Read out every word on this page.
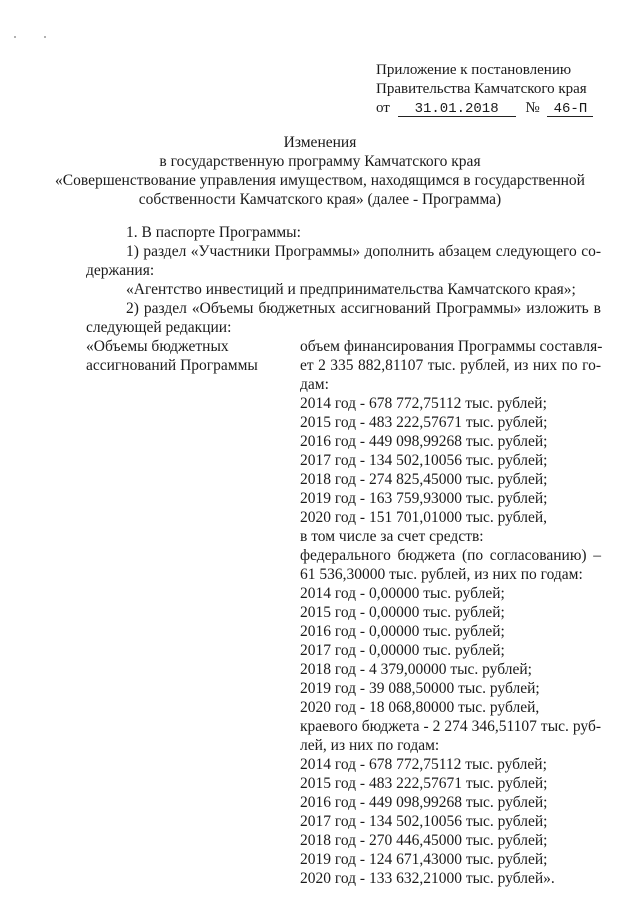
Приложение к постановлению
Правительства Камчатского края
от 31.01.2018 № 46-П
Изменения
в государственную программу Камчатского края
«Совершенствование управления имуществом, находящимся в государственной
собственности Камчатского края» (далее - Программа)
1. В паспорте Программы:
1) раздел «Участники Программы» дополнить абзацем следующего со-
держания:
«Агентство инвестиций и предпринимательства Камчатского края»;
2) раздел «Объемы бюджетных ассигнований Программы» изложить в
следующей редакции:
«Объемы бюджетных
ассигнований Программы
объем финансирования Программы составля-
ет 2 335 882,81107 тыс. рублей, из них по го-
дам:
2014 год - 678 772,75112 тыс. рублей;
2015 год - 483 222,57671 тыс. рублей;
2016 год - 449 098,99268 тыс. рублей;
2017 год - 134 502,10056 тыс. рублей;
2018 год - 274 825,45000 тыс. рублей;
2019 год - 163 759,93000 тыс. рублей;
2020 год - 151 701,01000 тыс. рублей,
в том числе за счет средств:
федерального бюджета (по согласованию) –
61 536,30000 тыс. рублей, из них по годам:
2014 год - 0,00000 тыс. рублей;
2015 год - 0,00000 тыс. рублей;
2016 год - 0,00000 тыс. рублей;
2017 год - 0,00000 тыс. рублей;
2018 год - 4 379,00000 тыс. рублей;
2019 год - 39 088,50000 тыс. рублей;
2020 год - 18 068,80000 тыс. рублей,
краевого бюджета - 2 274 346,51107 тыс. руб-
лей, из них по годам:
2014 год - 678 772,75112 тыс. рублей;
2015 год - 483 222,57671 тыс. рублей;
2016 год - 449 098,99268 тыс. рублей;
2017 год - 134 502,10056 тыс. рублей;
2018 год - 270 446,45000 тыс. рублей;
2019 год - 124 671,43000 тыс. рублей;
2020 год - 133 632,21000 тыс. рублей».
